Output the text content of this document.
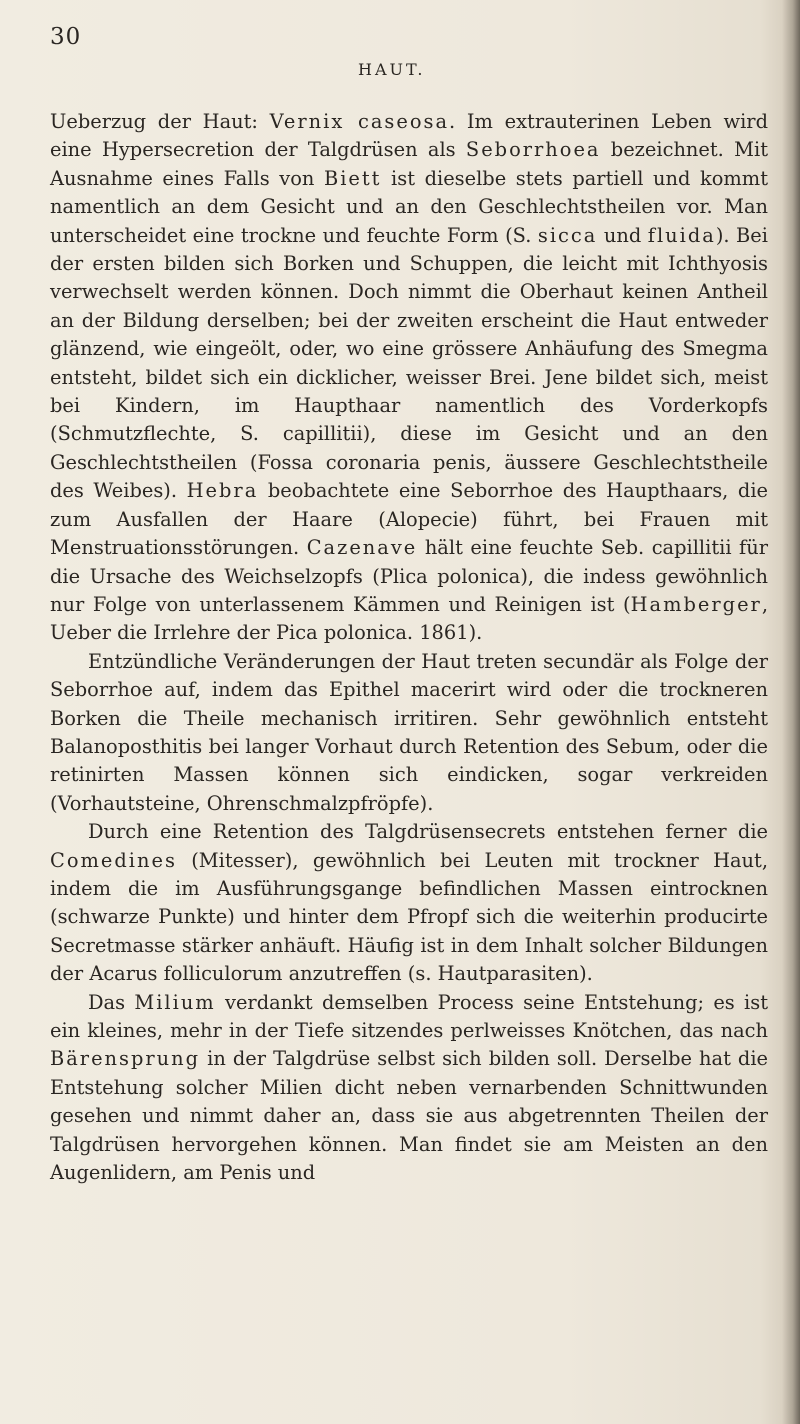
30
HAUT.

Ueberzug der Haut: Vernix caseosa. Im extrauterinen Leben wird eine Hypersecretion der Talgdrüsen als Seborrhoea bezeichnet. Mit Ausnahme eines Falls von Biett ist dieselbe stets partiell und kommt namentlich an dem Gesicht und an den Geschlechtstheilen vor. Man unterscheidet eine trockne und feuchte Form (S. sicca und fluida). Bei der ersten bilden sich Borken und Schuppen, die leicht mit Ichthyosis verwechselt werden können. Doch nimmt die Oberhaut keinen Antheil an der Bildung derselben; bei der zweiten erscheint die Haut entweder glänzend, wie eingeölt, oder, wo eine grössere Anhäufung des Smegma entsteht, bildet sich ein dicklicher, weisser Brei. Jene bildet sich, meist bei Kindern, im Haupthaar namentlich des Vorderkopfs (Schmutzflechte, S. capillitii), diese im Gesicht und an den Geschlechtstheilen (Fossa coronaria penis, äussere Geschlechtstheile des Weibes). Hebra beobachtete eine Seborrhoe des Haupthaars, die zum Ausfallen der Haare (Alopecie) führt, bei Frauen mit Menstruationsstörungen. Cazenave hält eine feuchte Seb. capillitii für die Ursache des Weichselzopfs (Plica polonica), die indess gewöhnlich nur Folge von unterlassenem Kämmen und Reinigen ist (Hamberger, Ueber die Irrlehre der Pica polonica. 1861).

Entzündliche Veränderungen der Haut treten secundär als Folge der Seborrhoe auf, indem das Epithel macerirt wird oder die trockneren Borken die Theile mechanisch irritiren. Sehr gewöhnlich entsteht Balanoposthitis bei langer Vorhaut durch Retention des Sebum, oder die retinirten Massen können sich eindicken, sogar verkreiden (Vorhautsteine, Ohrenschmalzpfröpfe).

Durch eine Retention des Talgdrüsensecrets entstehen ferner die Comedines (Mitesser), gewöhnlich bei Leuten mit trockner Haut, indem die im Ausführungsgange befindlichen Massen eintrocknen (schwarze Punkte) und hinter dem Pfropf sich die weiterhin producirte Secretmasse stärker anhäuft. Häufig ist in dem Inhalt solcher Bildungen der Acarus folliculorum anzutreffen (s. Hautparasiten).

Das Milium verdankt demselben Process seine Entstehung; es ist ein kleines, mehr in der Tiefe sitzendes perlweisses Knötchen, das nach Bärensprung in der Talgdrüse selbst sich bilden soll. Derselbe hat die Entstehung solcher Milien dicht neben vernarbenden Schnittwunden gesehen und nimmt daher an, dass sie aus abgetrennten Theilen der Talgdrüsen hervorgehen können. Man findet sie am Meisten an den Augenlidern, am Penis und
